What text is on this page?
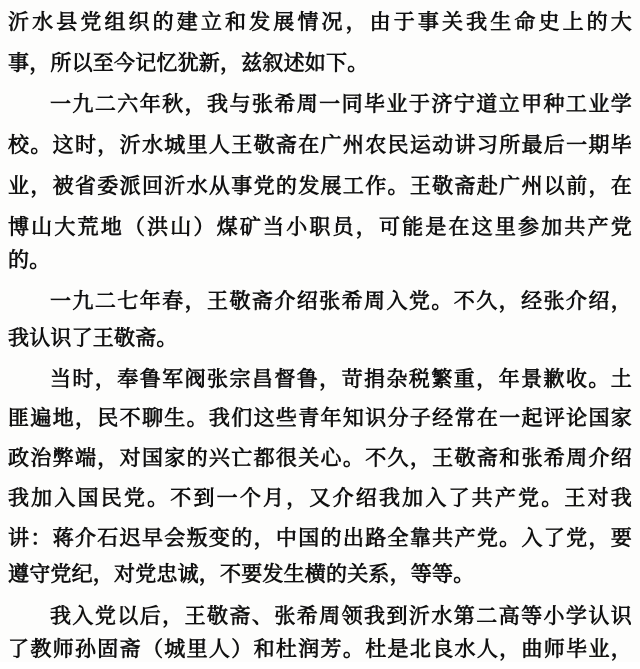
沂水县党组织的建立和发展情况，由于事关我生命史上的大
事，所以至今记忆犹新，兹叙述如下。
一九二六年秋，我与张希周一同毕业于济宁道立甲种工业学
校。这时，沂水城里人王敬斋在广州农民运动讲习所最后一期毕
业，被省委派回沂水从事党的发展工作。王敬斋赴广州以前，在
博山大荒地（洪山）煤矿当小职员，可能是在这里参加共产党
的。
一九二七年春，王敬斋介绍张希周入党。不久，经张介绍，
我认识了王敬斋。
当时，奉鲁军阀张宗昌督鲁，苛捐杂税繁重，年景歉收。土
匪遍地，民不聊生。我们这些青年知识分子经常在一起评论国家
政治弊端，对国家的兴亡都很关心。不久，王敬斋和张希周介绍
我加入国民党。不到一个月，又介绍我加入了共产党。王对我
讲：蒋介石迟早会叛变的，中国的出路全靠共产党。入了党，要
遵守党纪，对党忠诚，不要发生横的关系，等等。
我入党以后，王敬斋、张希周领我到沂水第二高等小学认识
了教师孙固斋（城里人）和杜润芳。杜是北良水人，曲师毕业，
